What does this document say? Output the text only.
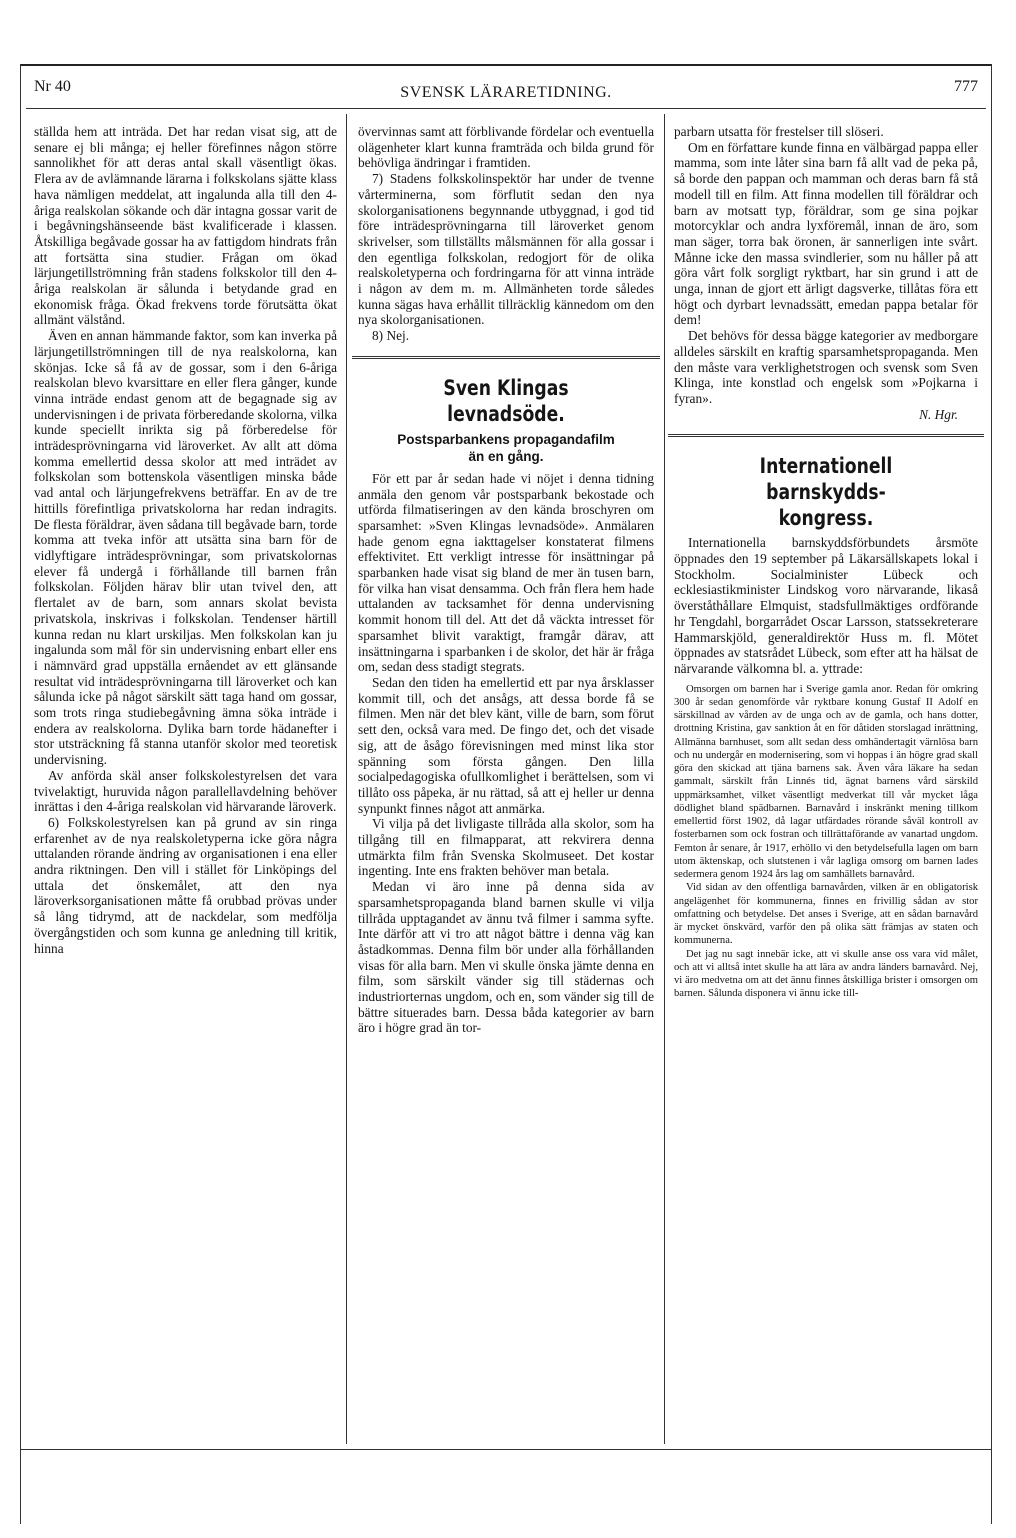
Nr 40	SVENSK LÄRARETIDNING.	777

ställda hem att inträda. Det har redan visat sig, att de senare ej bli många; ej heller förefinnes någon större sannolikhet för att deras antal skall väsentligt ökas. Flera av de avlämnande lärarna i folkskolans sjätte klass hava nämligen meddelat, att ingalunda alla till den 4-åriga realskolan sökande och där intagna gossar varit de i begåvningshänseende bäst kvalificerade i klassen. Åtskilliga begåvade gossar ha av fattigdom hindrats från att fortsätta sina studier. Frågan om ökad lärjungetillströmning från stadens folkskolor till den 4-åriga realskolan är sålunda i betydande grad en ekonomisk fråga. Ökad frekvens torde förutsätta ökat allmänt välstånd.

Även en annan hämmande faktor, som kan inverka på lärjungetillströmningen till de nya realskolorna, kan skönjas. Icke så få av de gossar, som i den 6-åriga realskolan blevo kvarsittare en eller flera gånger, kunde vinna inträde endast genom att de begagnade sig av undervisningen i de privata förberedande skolorna, vilka kunde speciellt inrikta sig på förberedelse för inträdesprövningarna vid läroverket. Av allt att döma komma emellertid dessa skolor att med inträdet av folkskolan som bottenskola väsentligen minska både vad antal och lärjungefrekvens beträffar. En av de tre hittills förefintliga privatskolorna har redan indragits. De flesta föräldrar, även sådana till begåvade barn, torde komma att tveka inför att utsätta sina barn för de vidlyftigare inträdesprövningar, som privatskolornas elever få undergå i förhållande till barnen från folkskolan. Följden härav blir utan tvivel den, att flertalet av de barn, som annars skolat bevista privatskola, inskrivas i folkskolan. Tendenser härtill kunna redan nu klart urskiljas. Men folkskolan kan ju ingalunda som mål för sin undervisning enbart eller ens i nämnvärd grad uppställa ernåendet av ett glänsande resultat vid inträdesprövningarna till läroverket och kan sålunda icke på något särskilt sätt taga hand om gossar, som trots ringa studiebegåvning ämna söka inträde i endera av realskolorna. Dylika barn torde hädanefter i stor utsträckning få stanna utanför skolor med teoretisk undervisning.

Av anförda skäl anser folkskolestyrelsen det vara tvivelaktigt, huruvida någon parallellavdelning behöver inrättas i den 4-åriga realskolan vid härvarande läroverk.

6) Folkskolestyrelsen kan på grund av sin ringa erfarenhet av de nya realskoletyperna icke göra några uttalanden rörande ändring av organisationen i ena eller andra riktningen. Den vill i stället för Linköpings del uttala det önskemålet, att den nya läroverksorganisationen måtte få orubbad prövas under så lång tidrymd, att de nackdelar, som medfölja övergångstiden och som kunna ge anledning till kritik, hinna

övervinnas samt att förblivande fördelar och eventuella olägenheter klart kunna framträda och bilda grund för behövliga ändringar i framtiden.

7) Stadens folkskolinspektör har under de tvenne vårterminerna, som förflutit sedan den nya skolorganisationens begynnande utbyggnad, i god tid före inträdesprövningarna till läroverket genom skrivelser, som tillställts målsmännen för alla gossar i den egentliga folkskolan, redogjort för de olika realskoletyperna och fordringarna för att vinna inträde i någon av dem m. m. Allmänheten torde således kunna sägas hava erhållit tillräcklig kännedom om den nya skolorganisationen.

8) Nej.

Sven Klingas levnadsöde.
Postsparbankens propagandafilm
än en gång.

För ett par år sedan hade vi nöjet i denna tidning anmäla den genom vår postsparbank bekostade och utförda filmatiseringen av den kända broschyren om sparsamhet: »Sven Klingas levnadsöde». Anmälaren hade genom egna iakttagelser konstaterat filmens effektivitet. Ett verkligt intresse för insättningar på sparbanken hade visat sig bland de mer än tusen barn, för vilka han visat densamma. Och från flera hem hade uttalanden av tacksamhet för denna undervisning kommit honom till del. Att det då väckta intresset för sparsamhet blivit varaktigt, framgår därav, att insättningarna i sparbanken i de skolor, det här är fråga om, sedan dess stadigt stegrats.

Sedan den tiden ha emellertid ett par nya årsklasser kommit till, och det ansågs, att dessa borde få se filmen. Men när det blev känt, ville de barn, som förut sett den, också vara med. De fingo det, och det visade sig, att de åsågo förevisningen med minst lika stor spänning som första gången. Den lilla socialpedagogiska ofullkomlighet i berättelsen, som vi tillåto oss påpeka, är nu rättad, så att ej heller ur denna synpunkt finnes något att anmärka.

Vi vilja på det livligaste tillråda alla skolor, som ha tillgång till en filmapparat, att rekvirera denna utmärkta film från Svenska Skolmuseet. Det kostar ingenting. Inte ens frakten behöver man betala.

Medan vi äro inne på denna sida av sparsamhetspropaganda bland barnen skulle vi vilja tillråda upptagandet av ännu två filmer i samma syfte. Inte därför att vi tro att något bättre i denna väg kan åstadkommas. Denna film bör under alla förhållanden visas för alla barn. Men vi skulle önska jämte denna en film, som särskilt vänder sig till städernas och industriorternas ungdom, och en, som vänder sig till de bättre situerades barn. Dessa båda kategorier av barn äro i högre grad än tor-

parbarn utsatta för frestelser till slöseri.

Om en författare kunde finna en välbärgad pappa eller mamma, som inte låter sina barn få allt vad de peka på, så borde den pappan och mamman och deras barn få stå modell till en film. Att finna modellen till föräldrar och barn av motsatt typ, föräldrar, som ge sina pojkar motorcyklar och andra lyxföremål, innan de äro, som man säger, torra bak öronen, är sannerligen inte svårt. Månne icke den massa svindlerier, som nu håller på att göra vårt folk sorgligt ryktbart, har sin grund i att de unga, innan de gjort ett ärligt dagsverke, tillåtas föra ett högt och dyrbart levnadssätt, emedan pappa betalar för dem!

Det behövs för dessa bägge kategorier av medborgare alldeles särskilt en kraftig sparsamhetspropaganda. Men den måste vara verklighetstrogen och svensk som Sven Klinga, inte konstlad och engelsk som »Pojkarna i fyran».

N. Hgr.
Internationell barnskydds-
kongress.

Internationella barnskyddsförbundets årsmöte öppnades den 19 september på Läkarsällskapets lokal i Stockholm. Socialminister Lübeck och ecklesiastikminister Lindskog voro närvarande, likaså överståthållare Elmquist, stadsfullmäktiges ordförande hr Tengdahl, borgarrådet Oscar Larsson, statssekreterare Hammarskjöld, generaldirektör Huss m. fl. Mötet öppnades av statsrådet Lübeck, som efter att ha hälsat de närvarande välkomna bl. a. yttrade:

Omsorgen om barnen har i Sverige gamla anor. Redan för omkring 300 år sedan genomförde vår ryktbare konung Gustaf II Adolf en särskillnad av vården av de unga och av de gamla, och hans dotter, drottning Kristina, gav sanktion åt en för dåtiden storslagad inrättning, Allmänna barnhuset, som allt sedan dess omhändertagit värnlösa barn och nu undergår en modernisering, som vi hoppas i än högre grad skall göra den skickad att tjäna barnens sak. Även våra läkare ha sedan gammalt, särskilt från Linnés tid, ägnat barnens vård särskild uppmärksamhet, vilket väsentligt medverkat till vår mycket låga dödlighet bland spädbarnen. Barnavård i inskränkt mening tillkom emellertid först 1902, då lagar utfärdades rörande såväl kontroll av fosterbarnen som ock fostran och tillrättaförande av vanartad ungdom. Femton år senare, år 1917, erhöllo vi den betydelsefulla lagen om barn utom äktenskap, och slutstenen i vår lagliga omsorg om barnen lades sedermera genom 1924 års lag om samhällets barnavård.

Vid sidan av den offentliga barnavården, vilken är en obligatorisk angelägenhet för kommunerna, finnes en frivillig sådan av stor omfattning och betydelse. Det anses i Sverige, att en sådan barnavård är mycket önskvärd, varför den på olika sätt främjas av staten och kommunerna.

Det jag nu sagt innebär icke, att vi skulle anse oss vara vid målet, och att vi alltså intet skulle ha att lära av andra länders barnavård. Nej, vi äro medvetna om att det ännu finnes åtskilliga brister i omsorgen om barnen. Sålunda disponera vi ännu icke till-
